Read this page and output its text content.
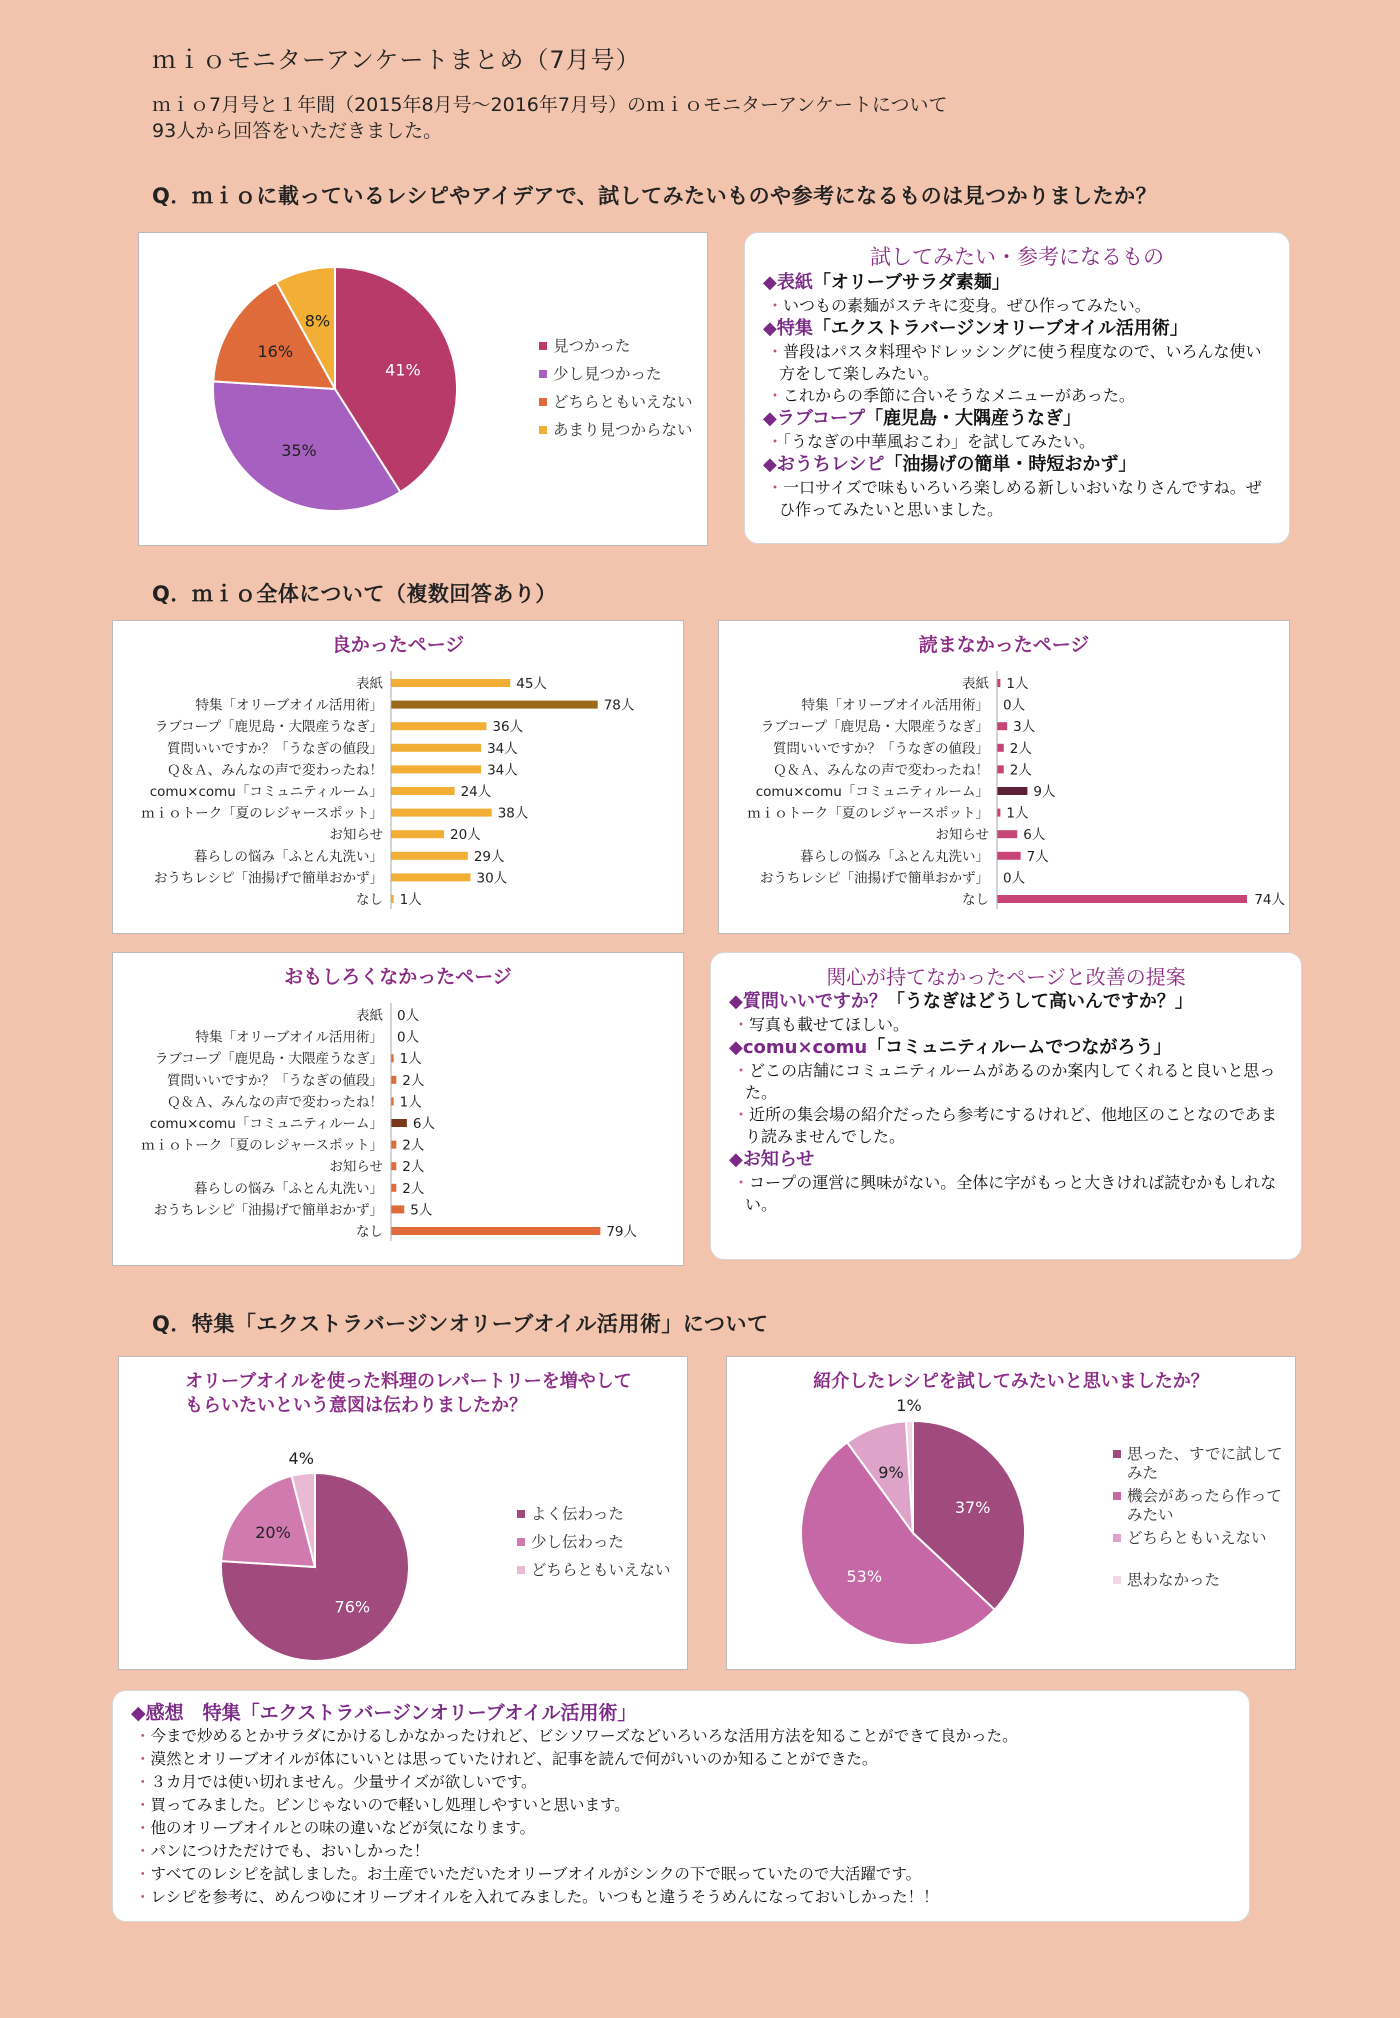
ｍｉｏモニターアンケートまとめ（7月号）
ｍｉｏ7月号と１年間（2015年8月号〜2016年7月号）のｍｉｏモニターアンケートについて
93人から回答をいただきました。
Q．ｍｉｏに載っているレシピやアイデアで、試してみたいものや参考になるものは見つかりましたか？
Q．ｍｉｏ全体について（複数回答あり）
Q．特集「エクストラバージンオリーブオイル活用術」について
41%
35%
16%
8%
見つかった
少し見つかった
どちらともいえない
あまり見つからない
試してみたい・参考になるもの
◆表紙「オリーブサラダ素麺」
・ いつもの素麺がステキに変身。ぜひ作ってみたい。
◆特集「エクストラバージンオリーブオイル活用術」
・ 普段はパスタ料理やドレッシングに使う程度なので、いろんな使い方をして楽しみたい。
・ これからの季節に合いそうなメニューがあった。
◆ラブコープ「鹿児島・大隅産うなぎ」
・ 「うなぎの中華風おこわ」を試してみたい。
◆おうちレシピ「油揚げの簡単・時短おかず」
・ 一口サイズで味もいろいろ楽しめる新しいおいなりさんですね。ぜひ作ってみたいと思いました。
良かったページ
表紙	45人
特集「オリーブオイル活用術」	78人
ラブコープ「鹿児島・大隈産うなぎ」	36人
質問いいですか？「うなぎの値段」	34人
Ｑ＆Ａ、みんなの声で変わったね！	34人
comu×comu「コミュニティルーム」	24人
ｍｉｏトーク「夏のレジャースポット」	38人
お知らせ	20人
暮らしの悩み「ふとん丸洗い」	29人
おうちレシピ「油揚げで簡単おかず」	30人
なし 1人
読まなかったページ
表紙 1人
特集「オリーブオイル活用術」 0人
ラブコープ「鹿児島・大隈産うなぎ」 3人
質問いいですか？「うなぎの値段」 2人
Ｑ＆Ａ、みんなの声で変わったね！ 2人
comu×comu「コミュニティルーム」	9人
ｍｉｏトーク「夏のレジャースポット」 1人
お知らせ	6人
暮らしの悩み「ふとん丸洗い」	7人
おうちレシピ「油揚げで簡単おかず」 0人
なし	74人
おもしろくなかったページ
表紙 0人
特集「オリーブオイル活用術」 0人
ラブコープ「鹿児島・大隈産うなぎ」 1人
質問いいですか？「うなぎの値段」 2人
Ｑ＆Ａ、みんなの声で変わったね！ 1人
comu×comu「コミュニティルーム」 6人
ｍｉｏトーク「夏のレジャースポット」 2人
お知らせ 2人
暮らしの悩み「ふとん丸洗い」 2人
おうちレシピ「油揚げで簡単おかず」 5人
なし	79人
関心が持てなかったページと改善の提案
◆質問いいですか？「うなぎはどうして高いんですか？」
・ 写真も載せてほしい。
◆comu×comu「コミュニティルームでつながろう」
・ どこの店舗にコミュニティルームがあるのか案内してくれると良いと思った。
・ 近所の集会場の紹介だったら参考にするけれど、他地区のことなのであまり読みませんでした。
◆お知らせ
・ コープの運営に興味がない。全体に字がもっと大きければ読むかもしれない。
76%
20%
4%
よく伝わった
少し伝わった
どちらともいえない
オリーブオイルを使った料理のレパートリーを増やしてもらいたいという意図は伝わりましたか？
37%
53%
9%
1%
思った、すでに試してみた
機会があったら作ってみたい
どちらともいえない
思わなかった
紹介したレシピを試してみたいと思いましたか？
◆感想　特集「エクストラバージンオリーブオイル活用術」
・ 今まで炒めるとかサラダにかけるしかなかったけれど、ビシソワーズなどいろいろな活用方法を知ることができて良かった。
・ 漠然とオリーブオイルが体にいいとは思っていたけれど、記事を読んで何がいいのか知ることができた。
・ ３カ月では使い切れません。少量サイズが欲しいです。
・ 買ってみました。ビンじゃないので軽いし処理しやすいと思います。
・ 他のオリーブオイルとの味の違いなどが気になります。
・ パンにつけただけでも、おいしかった！
・ すべてのレシピを試しました。お土産でいただいたオリーブオイルがシンクの下で眠っていたので大活躍です。
・ レシピを参考に、めんつゆにオリーブオイルを入れてみました。いつもと違うそうめんになっておいしかった！！
